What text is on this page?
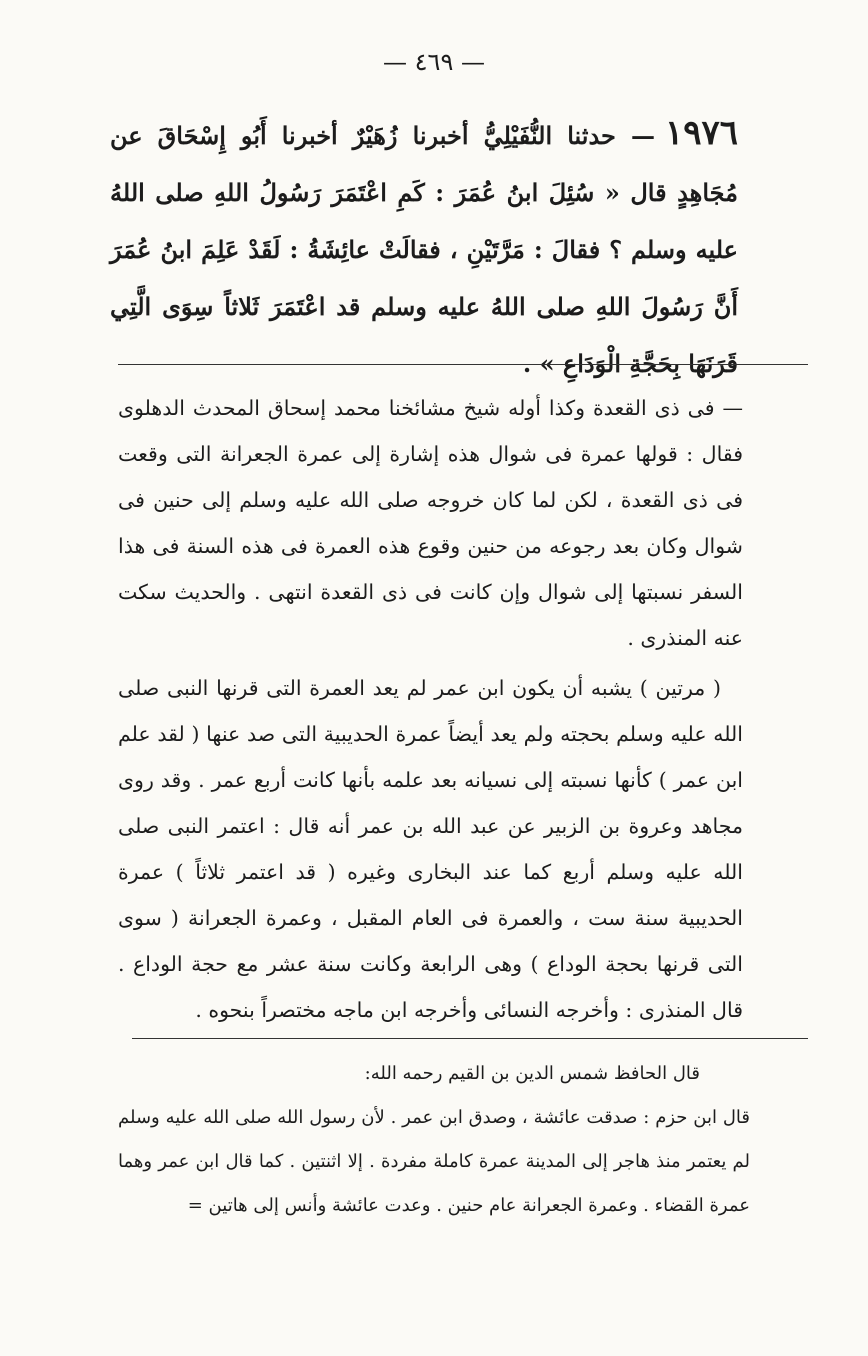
— ٤٦٩ —
١٩٧٦— حدثنا النُّفَيْلِيُّ أخبرنا زُهَيْرٌ أخبرنا أَبُو إِسْحَاقَ عن مُجَاهِدٍ قال « سُئِلَ ابنُ عُمَرَ : كَمِ اعْتَمَرَ رَسُولُ اللهِ صلى اللهُ عليه وسلم ؟ فقالَ : مَرَّتَيْنِ ، فقالَتْ عائِشَةُ : لَقَدْ عَلِمَ ابنُ عُمَرَ أَنَّ رَسُولَ اللهِ صلى اللهُ عليه وسلم قد اعْتَمَرَ ثَلاثاً سِوَى الَّتِي قَرَنَهَا بِحَجَّةِ الْوَدَاعِ » .

— فى ذى القعدة وكذا أوله شيخ مشائخنا محمد إسحاق المحدث الدهلوى فقال : قولها عمرة فى شوال هذه إشارة إلى عمرة الجعرانة التى وقعت فى ذى القعدة ، لكن لما كان خروجه صلى الله عليه وسلم إلى حنين فى شوال وكان بعد رجوعه من حنين وقوع هذه العمرة فى هذه السنة فى هذا السفر نسبتها إلى شوال وإن كانت فى ذى القعدة انتهى . والحديث سكت عنه المنذرى .

( مرتين ) يشبه أن يكون ابن عمر لم يعد العمرة التى قرنها النبى صلى الله عليه وسلم بحجته ولم يعد أيضاً عمرة الحديبية التى صد عنها ( لقد علم ابن عمر ) كأنها نسبته إلى نسيانه بعد علمه بأنها كانت أربع عمر . وقد روى مجاهد وعروة بن الزبير عن عبد الله بن عمر أنه قال : اعتمر النبى صلى الله عليه وسلم أربع كما عند البخارى وغيره ( قد اعتمر ثلاثاً ) عمرة الحديبية سنة ست ، والعمرة فى العام المقبل ، وعمرة الجعرانة ( سوى التى قرنها بحجة الوداع ) وهى الرابعة وكانت سنة عشر مع حجة الوداع . قال المنذرى : وأخرجه النسائى وأخرجه ابن ماجه مختصراً بنحوه .

قال الحافظ شمس الدين بن القيم رحمه الله:

قال ابن حزم : صدقت عائشة ، وصدق ابن عمر . لأن رسول الله صلى الله عليه وسلم لم يعتمر منذ هاجر إلى المدينة عمرة كاملة مفردة . إلا اثنتين . كما قال ابن عمر وهما عمرة القضاء . وعمرة الجعرانة عام حنين . وعدت عائشة وأنس إلى هاتين =
